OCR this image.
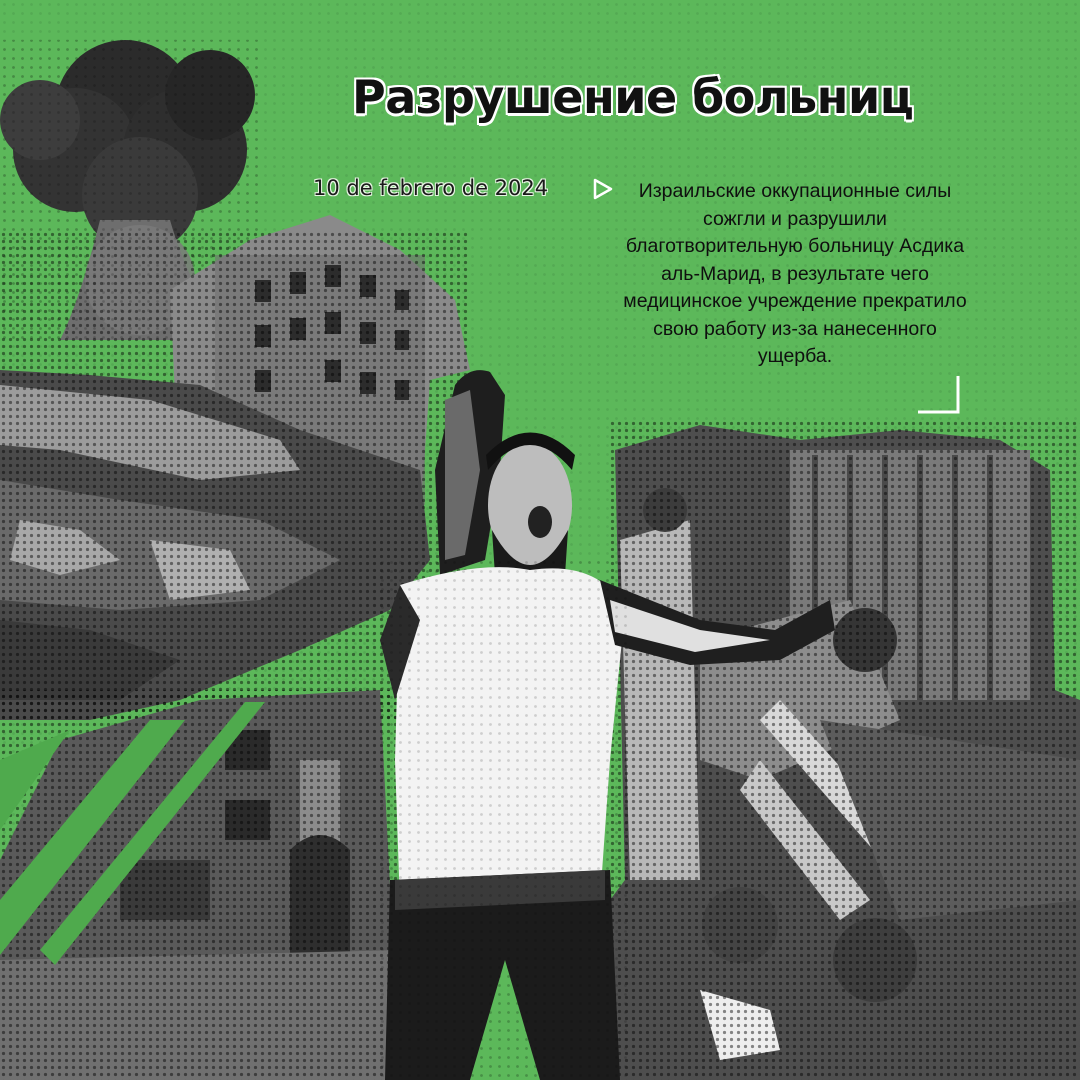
Разрушение больниц
10 de febrero de 2024	Израильские оккупационные силы сожгли и разрушили благотворительную больницу Асдика аль-Марид, в результате чего медицинское учреждение прекратило свою работу из-за нанесенного ущерба.
